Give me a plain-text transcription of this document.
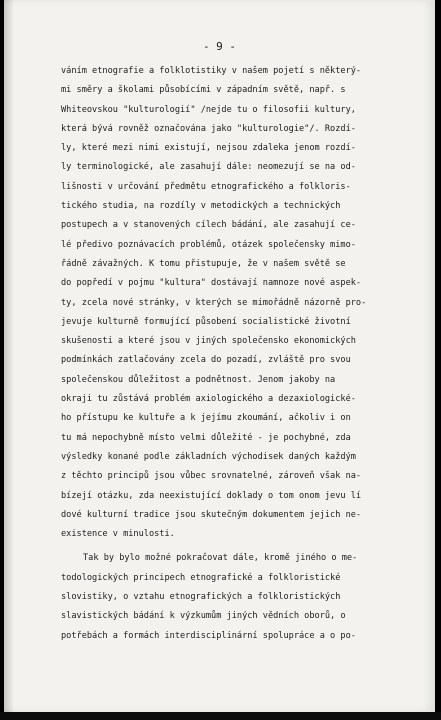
- 9 -
váním etnografie a folklotistiky v našem pojetí s některý-
mi směry a školami působícími v západním světě, např. s
Whiteovskou "kulturologií" /nejde tu o filosofii kultury,
která bývá rovněž označována jako "kulturologie"/. Rozdí-
ly, které mezi nimi existují, nejsou zdaleka jenom rozdí-
ly terminologické, ale zasahují dále: neomezují se na od-
lišnosti v určování předmětu etnografického a folkloris-
tického studia, na rozdíly v metodických a technických
postupech a v stanovených cílech bádání, ale zasahují ce-
lé předivo poznávacích problémů, otázek společensky mimo-
řádně závažných. K tomu přistupuje, že v našem světě se
do popředí v pojmu "kultura" dostávají namnoze nové aspek-
ty, zcela nové stránky, v kterých se mimořádně názorně pro-
jevuje kulturně formující působení socialistické životní
skušenosti a které jsou v jiných společensko ekonomických
podmínkách zatlačovány zcela do pozadí, zvláště pro svou
společenskou důležitost a podnětnost. Jenom jakoby na
okraji tu zůstává problém axiologického a dezaxiologické-
ho přístupu ke kultuře a k jejímu zkoumání, ačkoliv i on
tu má nepochybně místo velmi důležité - je pochybné, zda
výsledky konané podle základních východisek daných každým
z těchto principů jsou vůbec srovnatelné, zároveň však na-
bízejí otázku, zda neexistující doklady o tom onom jevu lí
dové kulturní tradice jsou skutečným dokumentem jejich ne-
existence v minulosti.
Tak by bylo možné pokračovat dále, kromě jiného o me-
todologických principech etnografické a folkloristické
slovistiky, o vztahu etnografických a folkloristických
slavistických bádání k výzkumům jiných vědních oborů, o
potřebách a formách interdisciplinární spolupráce a o po-
